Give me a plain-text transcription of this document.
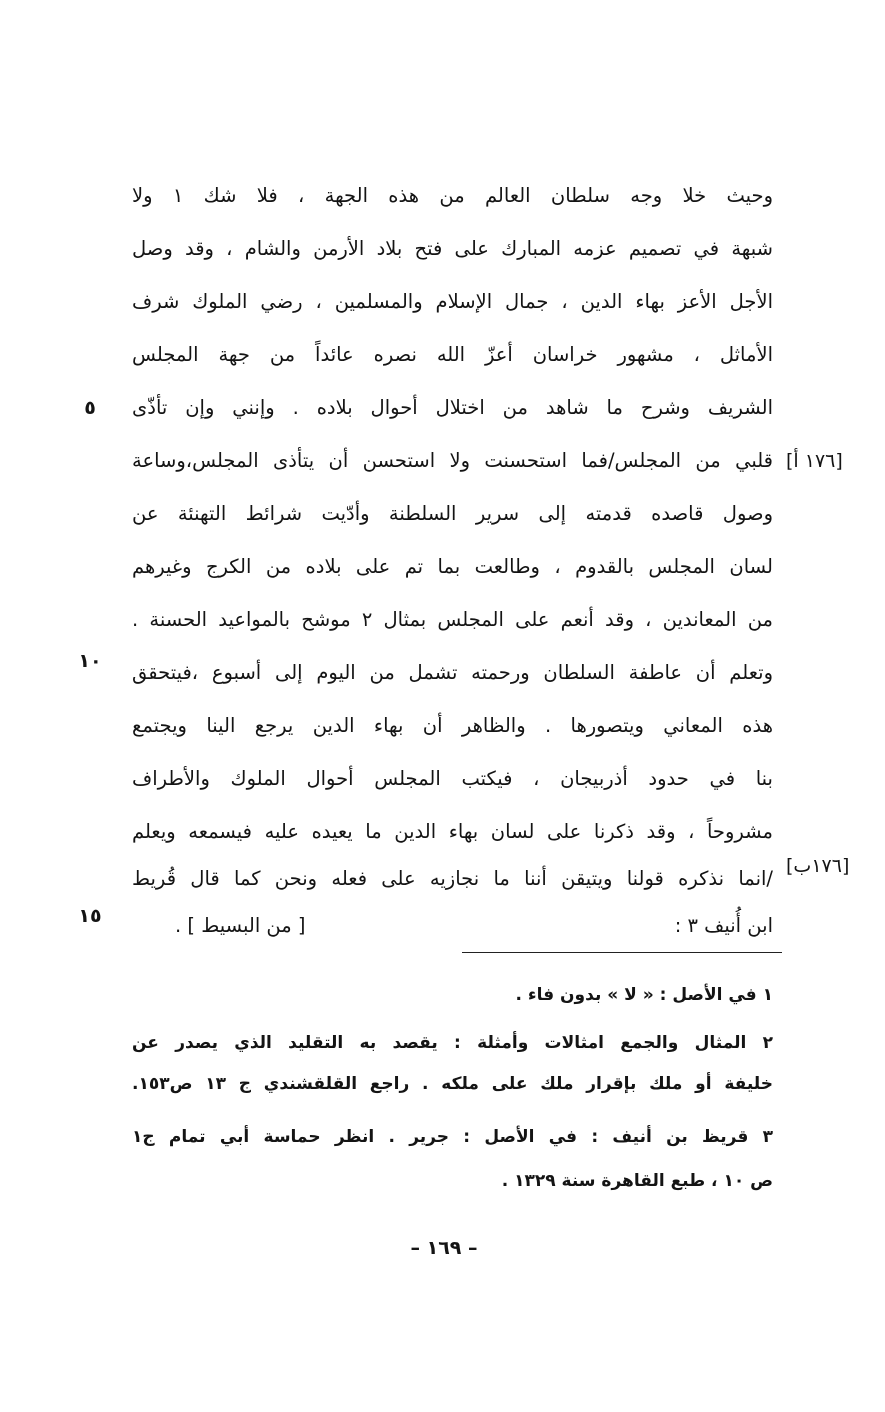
وحيث خلا وجه سلطان العالم من هذه الجهة ، فلا شك ١ ولا
شبهة في تصميم عزمه المبارك على فتح بلاد الأرمن والشام ، وقد وصل
الأجل الأعز بهاء الدين ، جمال الإسلام والمسلمين ، رضي الملوك شرف
الأماثل ، مشهور خراسان أعزّ الله نصره عائداً من جهة المجلس
الشريف وشرح ما شاهد من اختلال أحوال بلاده . وإنني وإن تأذّى
قلبي من المجلس/فما استحسنت ولا استحسن أن يتأذى المجلس،وساعة
وصول قاصده قدمته إلى سرير السلطنة وأدّيت شرائط التهنئة عن
لسان المجلس بالقدوم ، وطالعت بما تم على بلاده من الكرج وغيرهم
من المعاندين ، وقد أنعم على المجلس بمثال ٢ موشح بالمواعيد الحسنة .
وتعلم أن عاطفة السلطان ورحمته تشمل من اليوم إلى أسبوع ،فيتحقق
هذه المعاني ويتصورها . والظاهر أن بهاء الدين يرجع الينا ويجتمع
بنا في حدود أذربيجان ، فيكتب المجلس أحوال الملوك والأطراف
مشروحاً ، وقد ذكرنا على لسان بهاء الدين ما يعيده عليه فيسمعه ويعلم
/انما نذكره قولنا ويتيقن أننا ما نجازيه على فعله ونحن كما قال قُريط
ابن أُنيف ٣ :
[ من البسيط ] .
[١٧٦ أ]
[١٧٦ب]
٥
١٠
١٥
١ في الأصل : « لا » بدون فاء .
٢ المثال والجمع امثالات وأمثلة : يقصد به التقليد الذي يصدر عن
خليفة أو ملك بإقرار ملك على ملكه . راجع القلقشندي ج ١٣ ص١٥٣.
٣ قريظ بن أنيف : في الأصل : جرير . انظر حماسة أبي تمام ج١
ص ١٠ ، طبع القاهرة سنة ١٣٢٩ .
– ١٦٩ –
